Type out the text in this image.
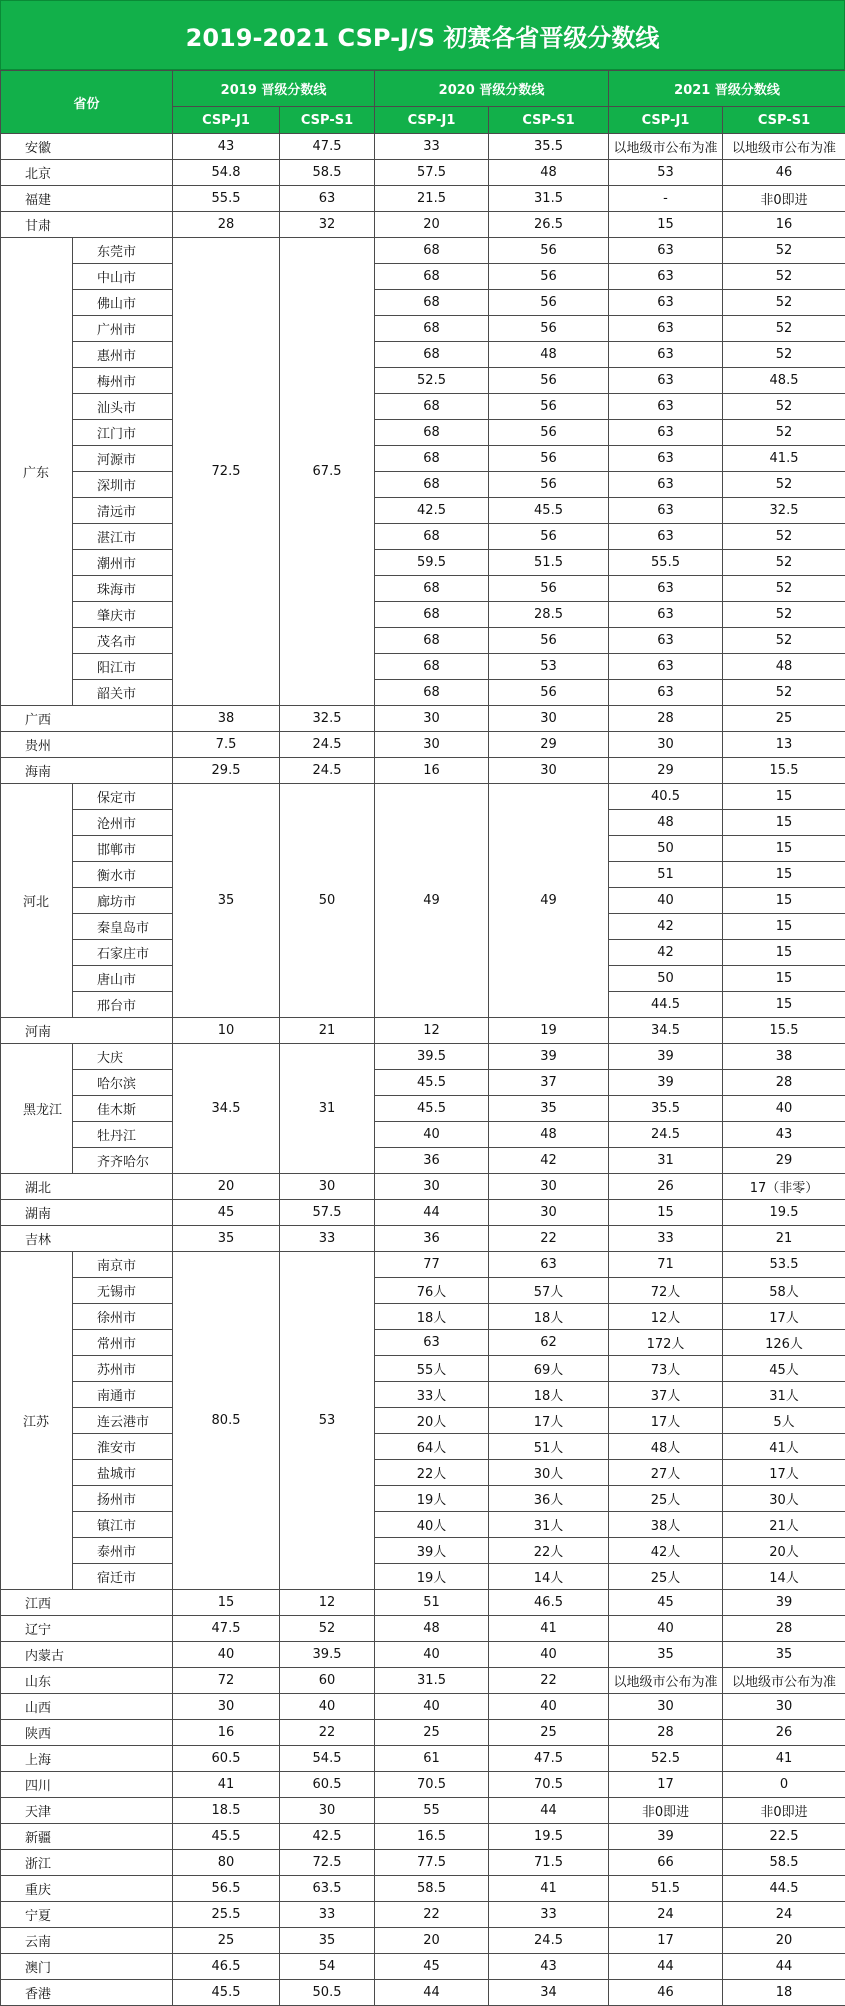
2019-2021 CSP-J/S 初赛各省晋级分数线
省份		2019 晋级分数线		2020 晋级分数线		2021 晋级分数线	
		CSP-J1	CSP-S1	CSP-J1	CSP-S1	CSP-J1	CSP-S1
安徽		43	47.5	33	35.5	以地级市公布为准	以地级市公布为准
北京		54.8	58.5	57.5	48	53	46
福建		55.5	63	21.5	31.5	-	非0即进
甘肃		28	32	20	26.5	15	16
广东	东莞市	72.5	67.5	68	56	63	52
	中山市			68	56	63	52
	佛山市			68	56	63	52
	广州市			68	56	63	52
	惠州市			68	48	63	52
	梅州市			52.5	56	63	48.5
	汕头市			68	56	63	52
	江门市			68	56	63	52
	河源市			68	56	63	41.5
	深圳市			68	56	63	52
	清远市			42.5	45.5	63	32.5
	湛江市			68	56	63	52
	潮州市			59.5	51.5	55.5	52
	珠海市			68	56	63	52
	肇庆市			68	28.5	63	52
	茂名市			68	56	63	52
	阳江市			68	53	63	48
	韶关市			68	56	63	52
广西		38	32.5	30	30	28	25
贵州		7.5	24.5	30	29	30	13
海南		29.5	24.5	16	30	29	15.5
河北	保定市	35	50	49	49	40.5	15
	沧州市					48	15
	邯郸市					50	15
	衡水市					51	15
	廊坊市					40	15
	秦皇岛市					42	15
	石家庄市					42	15
	唐山市					50	15
	邢台市					44.5	15
河南		10	21	12	19	34.5	15.5
黑龙江	大庆	34.5	31	39.5	39	39	38
	哈尔滨			45.5	37	39	28
	佳木斯			45.5	35	35.5	40
	牡丹江			40	48	24.5	43
	齐齐哈尔			36	42	31	29
湖北		20	30	30	30	26	17（非零）
湖南		45	57.5	44	30	15	19.5
吉林		35	33	36	22	33	21
江苏	南京市	80.5	53	77	63	71	53.5
	无锡市			76人	57人	72人	58人
	徐州市			18人	18人	12人	17人
	常州市			63	62	172人	126人
	苏州市			55人	69人	73人	45人
	南通市			33人	18人	37人	31人
	连云港市			20人	17人	17人	5人
	淮安市			64人	51人	48人	41人
	盐城市			22人	30人	27人	17人
	扬州市			19人	36人	25人	30人
	镇江市			40人	31人	38人	21人
	泰州市			39人	22人	42人	20人
	宿迁市			19人	14人	25人	14人
江西		15	12	51	46.5	45	39
辽宁		47.5	52	48	41	40	28
内蒙古		40	39.5	40	40	35	35
山东		72	60	31.5	22	以地级市公布为准	以地级市公布为准
山西		30	40	40	40	30	30
陕西		16	22	25	25	28	26
上海		60.5	54.5	61	47.5	52.5	41
四川		41	60.5	70.5	70.5	17	0
天津		18.5	30	55	44	非0即进	非0即进
新疆		45.5	42.5	16.5	19.5	39	22.5
浙江		80	72.5	77.5	71.5	66	58.5
重庆		56.5	63.5	58.5	41	51.5	44.5
宁夏		25.5	33	22	33	24	24
云南		25	35	20	24.5	17	20
澳门		46.5	54	45	43	44	44
香港		45.5	50.5	44	34	46	18
